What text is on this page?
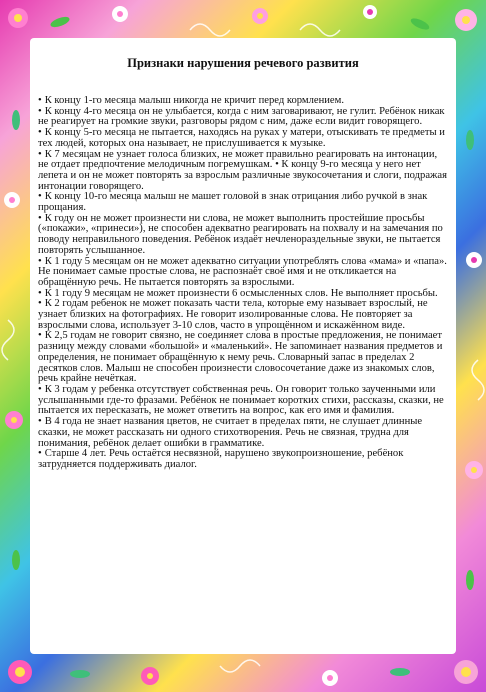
Признаки нарушения речевого развития
• К концу 1-го месяца малыш никогда не кричит перед кормлением.
• К концу 4-го месяца он не улыбается, когда с ним заговаривают, не гулит. Ребёнок никак не реагирует на громкие звуки, разговоры рядом с ним, даже если видит говорящего.
• К концу 5-го месяца не пытается, находясь на руках у матери, отыскивать те предметы и тех людей, которых она называет, не прислушивается к музыке.
• К 7 месяцам не узнает голоса близких, не может правильно реагировать на интонации, не отдает предпочтение мелодичным погремушкам. • К концу 9-го месяца у него нет лепета и он не может повторять за взрослым различные звукосочетания и слоги, подражая интонации говорящего.
• К концу 10-го месяца малыш не машет головой в знак отрицания либо ручкой в знак прощания.
• К году он не может произнести ни слова, не может выполнить простейшие просьбы («покажи», «принеси»), не способен адекватно реагировать на похвалу и на замечания по поводу неправильного поведения. Ребёнок издаёт нечленораздельные звуки, не пытается повторять услышанное.
• К 1 году 5 месяцам он не может адекватно ситуации употреблять слова «мама» и «папа». Не понимает самые простые слова, не распознаёт своё имя и не откликается на обращённую речь. Не пытается повторять за взрослыми.
• К 1 году 9 месяцам не может произнести 6 осмысленных слов. Не выполняет просьбы.
• К 2 годам ребенок не может показать части тела, которые ему называет взрослый, не узнает близких на фотографиях. Не говорит изолированные слова. Не повторяет за взрослыми слова, использует 3-10 слов, часто в упрощённом и искажённом виде.
• К 2,5 годам не говорит связно, не соединяет слова в простые предложения, не понимает разницу между словами «большой» и «маленький». Не запоминает названия предметов и определения, не понимает обращённую к нему речь. Словарный запас в пределах 2 десятков слов. Малыш не способен произнести словосочетание даже из знакомых слов, речь крайне нечёткая.
• К 3 годам у ребенка отсутствует собственная речь. Он говорит только заученными или услышанными где-то фразами. Ребёнок не понимает коротких стихи, рассказы, сказки, не пытается их пересказать, не может ответить на вопрос, как его имя и фамилия.
• В 4 года не знает названия цветов, не считает в пределах пяти, не слушает длинные сказки, не может рассказать ни одного стихотворения. Речь не связная, трудна для понимания, ребёнок делает ошибки в грамматике.
• Старше 4 лет. Речь остаётся несвязной, нарушено звукопроизношение, ребёнок затрудняется поддерживать диалог.
